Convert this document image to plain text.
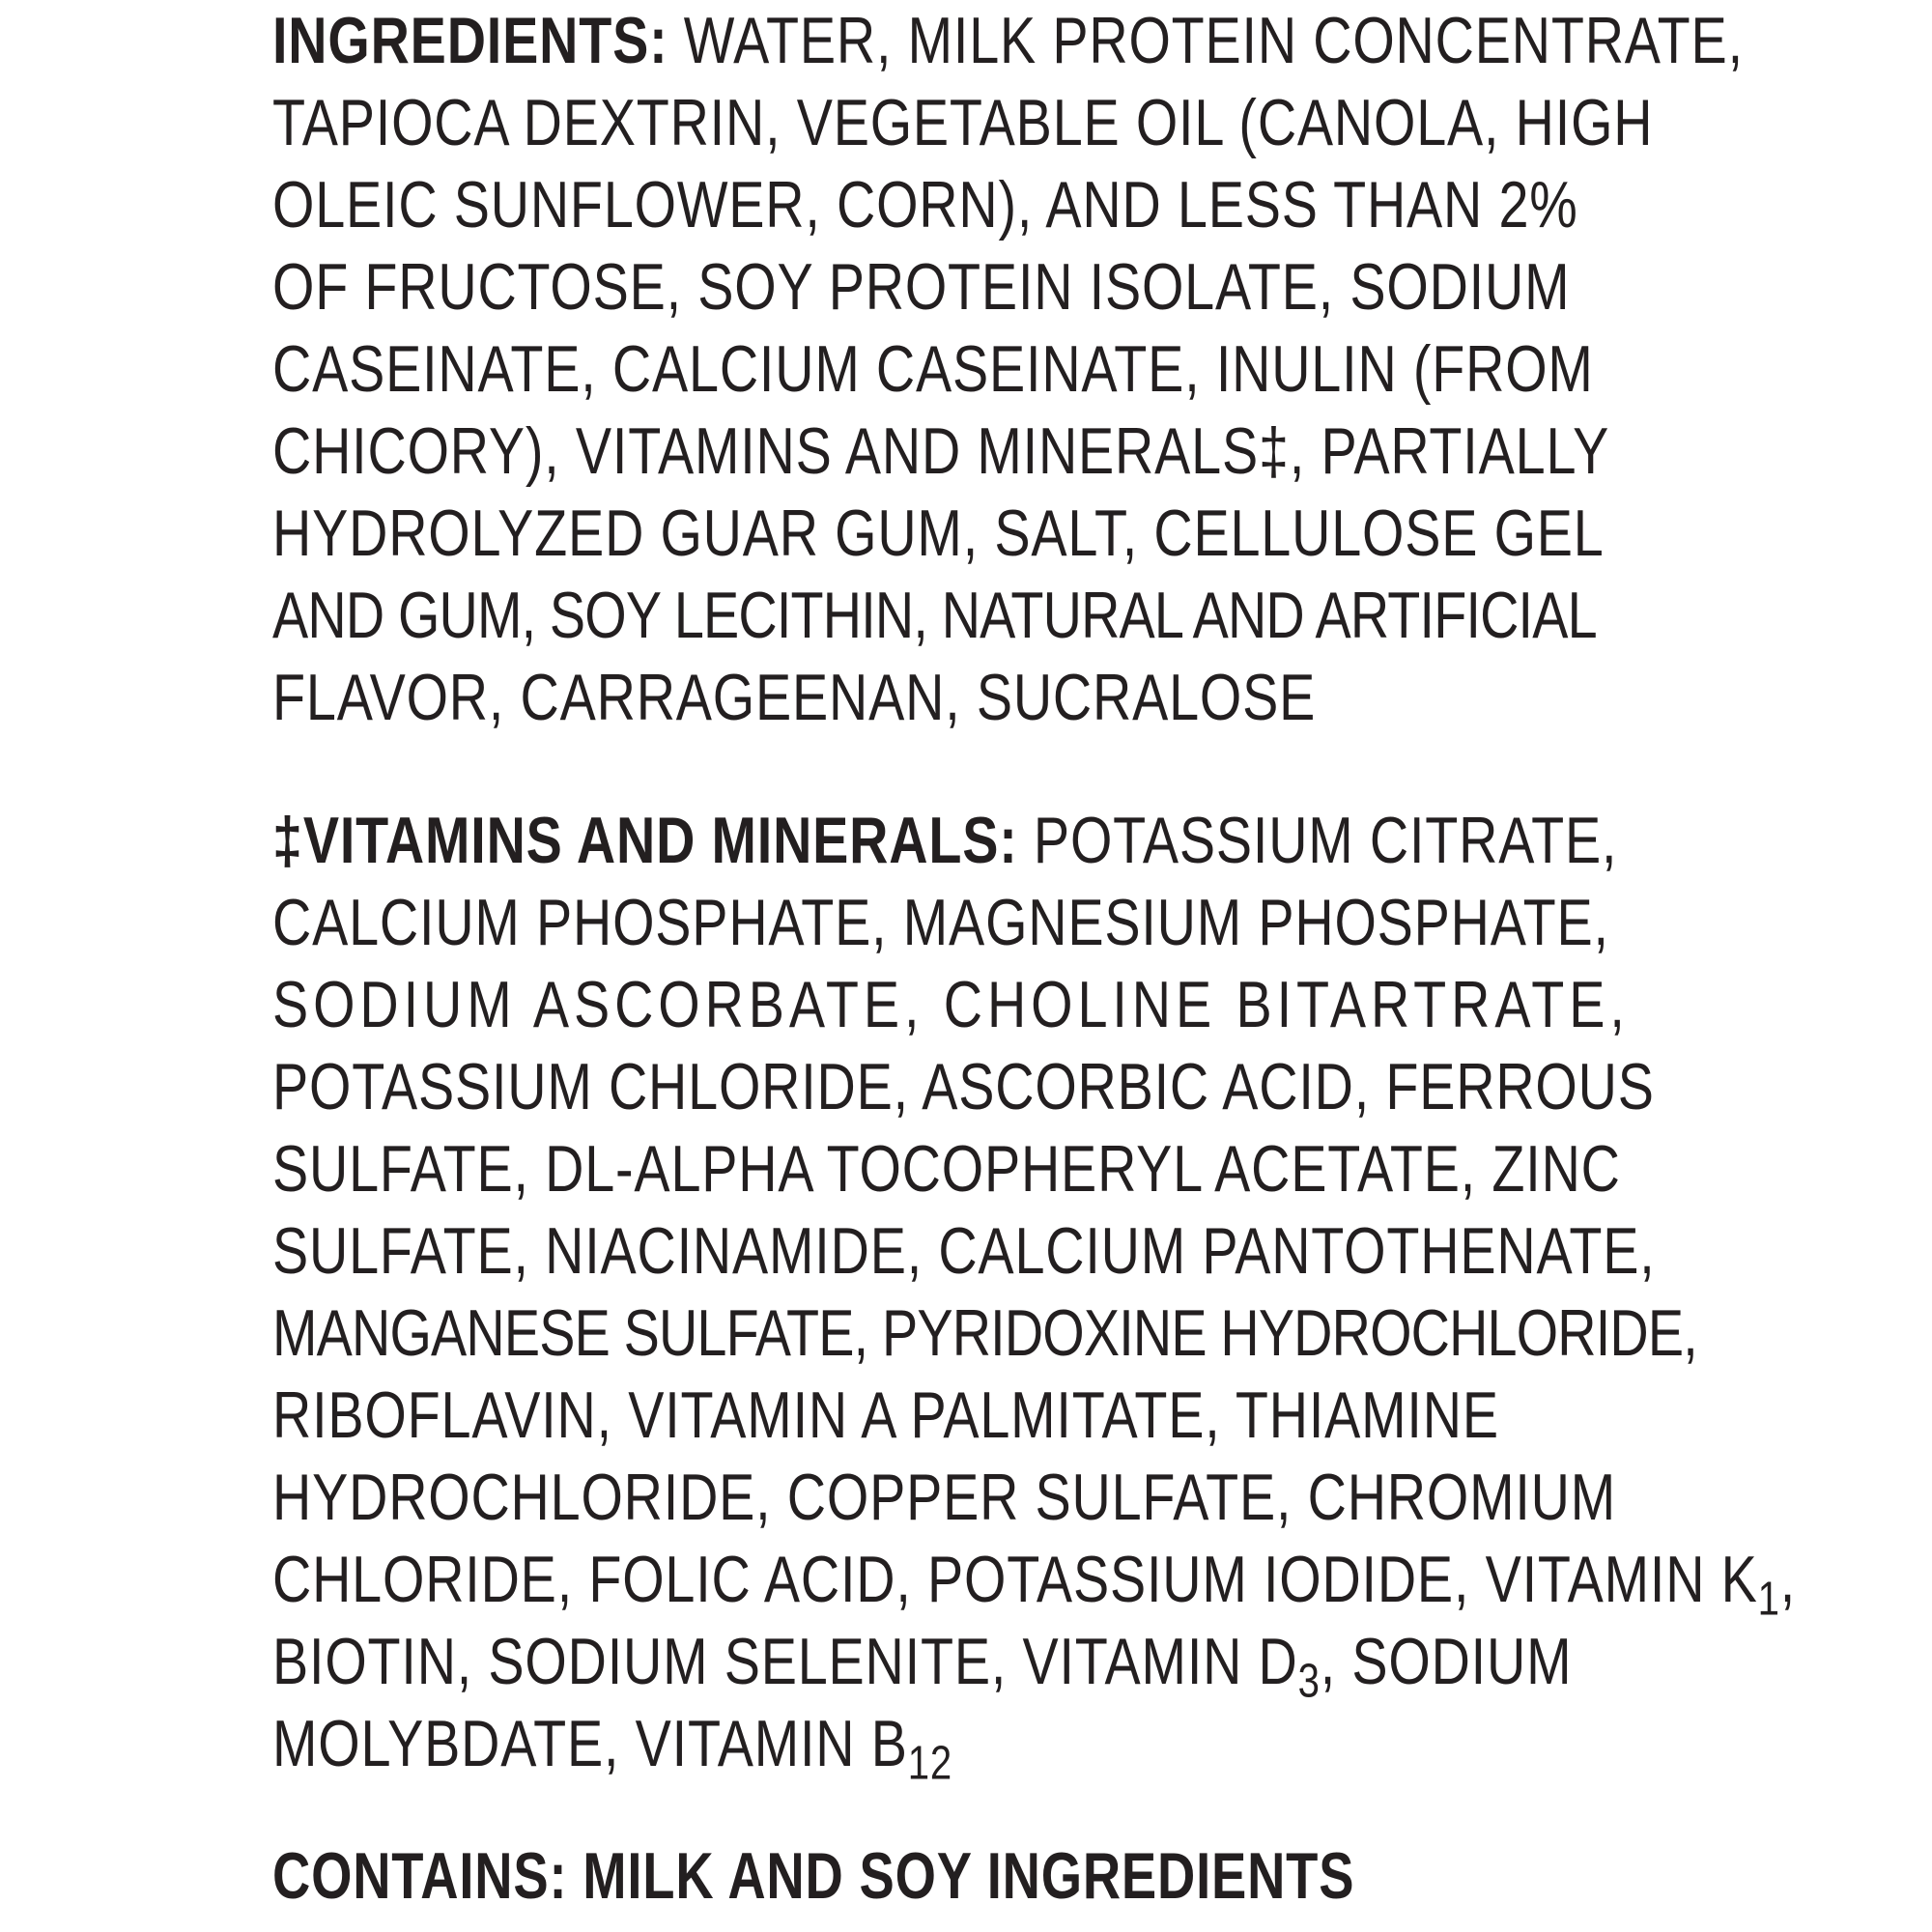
INGREDIENTS: WATER, MILK PROTEIN CONCENTRATE,
TAPIOCA DEXTRIN, VEGETABLE OIL (CANOLA, HIGH
OLEIC SUNFLOWER, CORN), AND LESS THAN 2%
OF FRUCTOSE, SOY PROTEIN ISOLATE, SODIUM
CASEINATE, CALCIUM CASEINATE, INULIN (FROM
CHICORY), VITAMINS AND MINERALS‡, PARTIALLY
HYDROLYZED GUAR GUM, SALT, CELLULOSE GEL
AND GUM, SOY LECITHIN, NATURAL AND ARTIFICIAL
FLAVOR, CARRAGEENAN, SUCRALOSE
‡VITAMINS AND MINERALS: POTASSIUM CITRATE,
CALCIUM PHOSPHATE, MAGNESIUM PHOSPHATE,
SODIUM ASCORBATE, CHOLINE BITARTRATE,
POTASSIUM CHLORIDE, ASCORBIC ACID, FERROUS
SULFATE, DL-ALPHA TOCOPHERYL ACETATE, ZINC
SULFATE, NIACINAMIDE, CALCIUM PANTOTHENATE,
MANGANESE SULFATE, PYRIDOXINE HYDROCHLORIDE,
RIBOFLAVIN, VITAMIN A PALMITATE, THIAMINE
HYDROCHLORIDE, COPPER SULFATE, CHROMIUM
CHLORIDE, FOLIC ACID, POTASSIUM IODIDE, VITAMIN $K_1$,
BIOTIN, SODIUM SELENITE, VITAMIN $D_3$, SODIUM
MOLYBDATE, VITAMIN $B_{12}$
CONTAINS: MILK AND SOY INGREDIENTS
